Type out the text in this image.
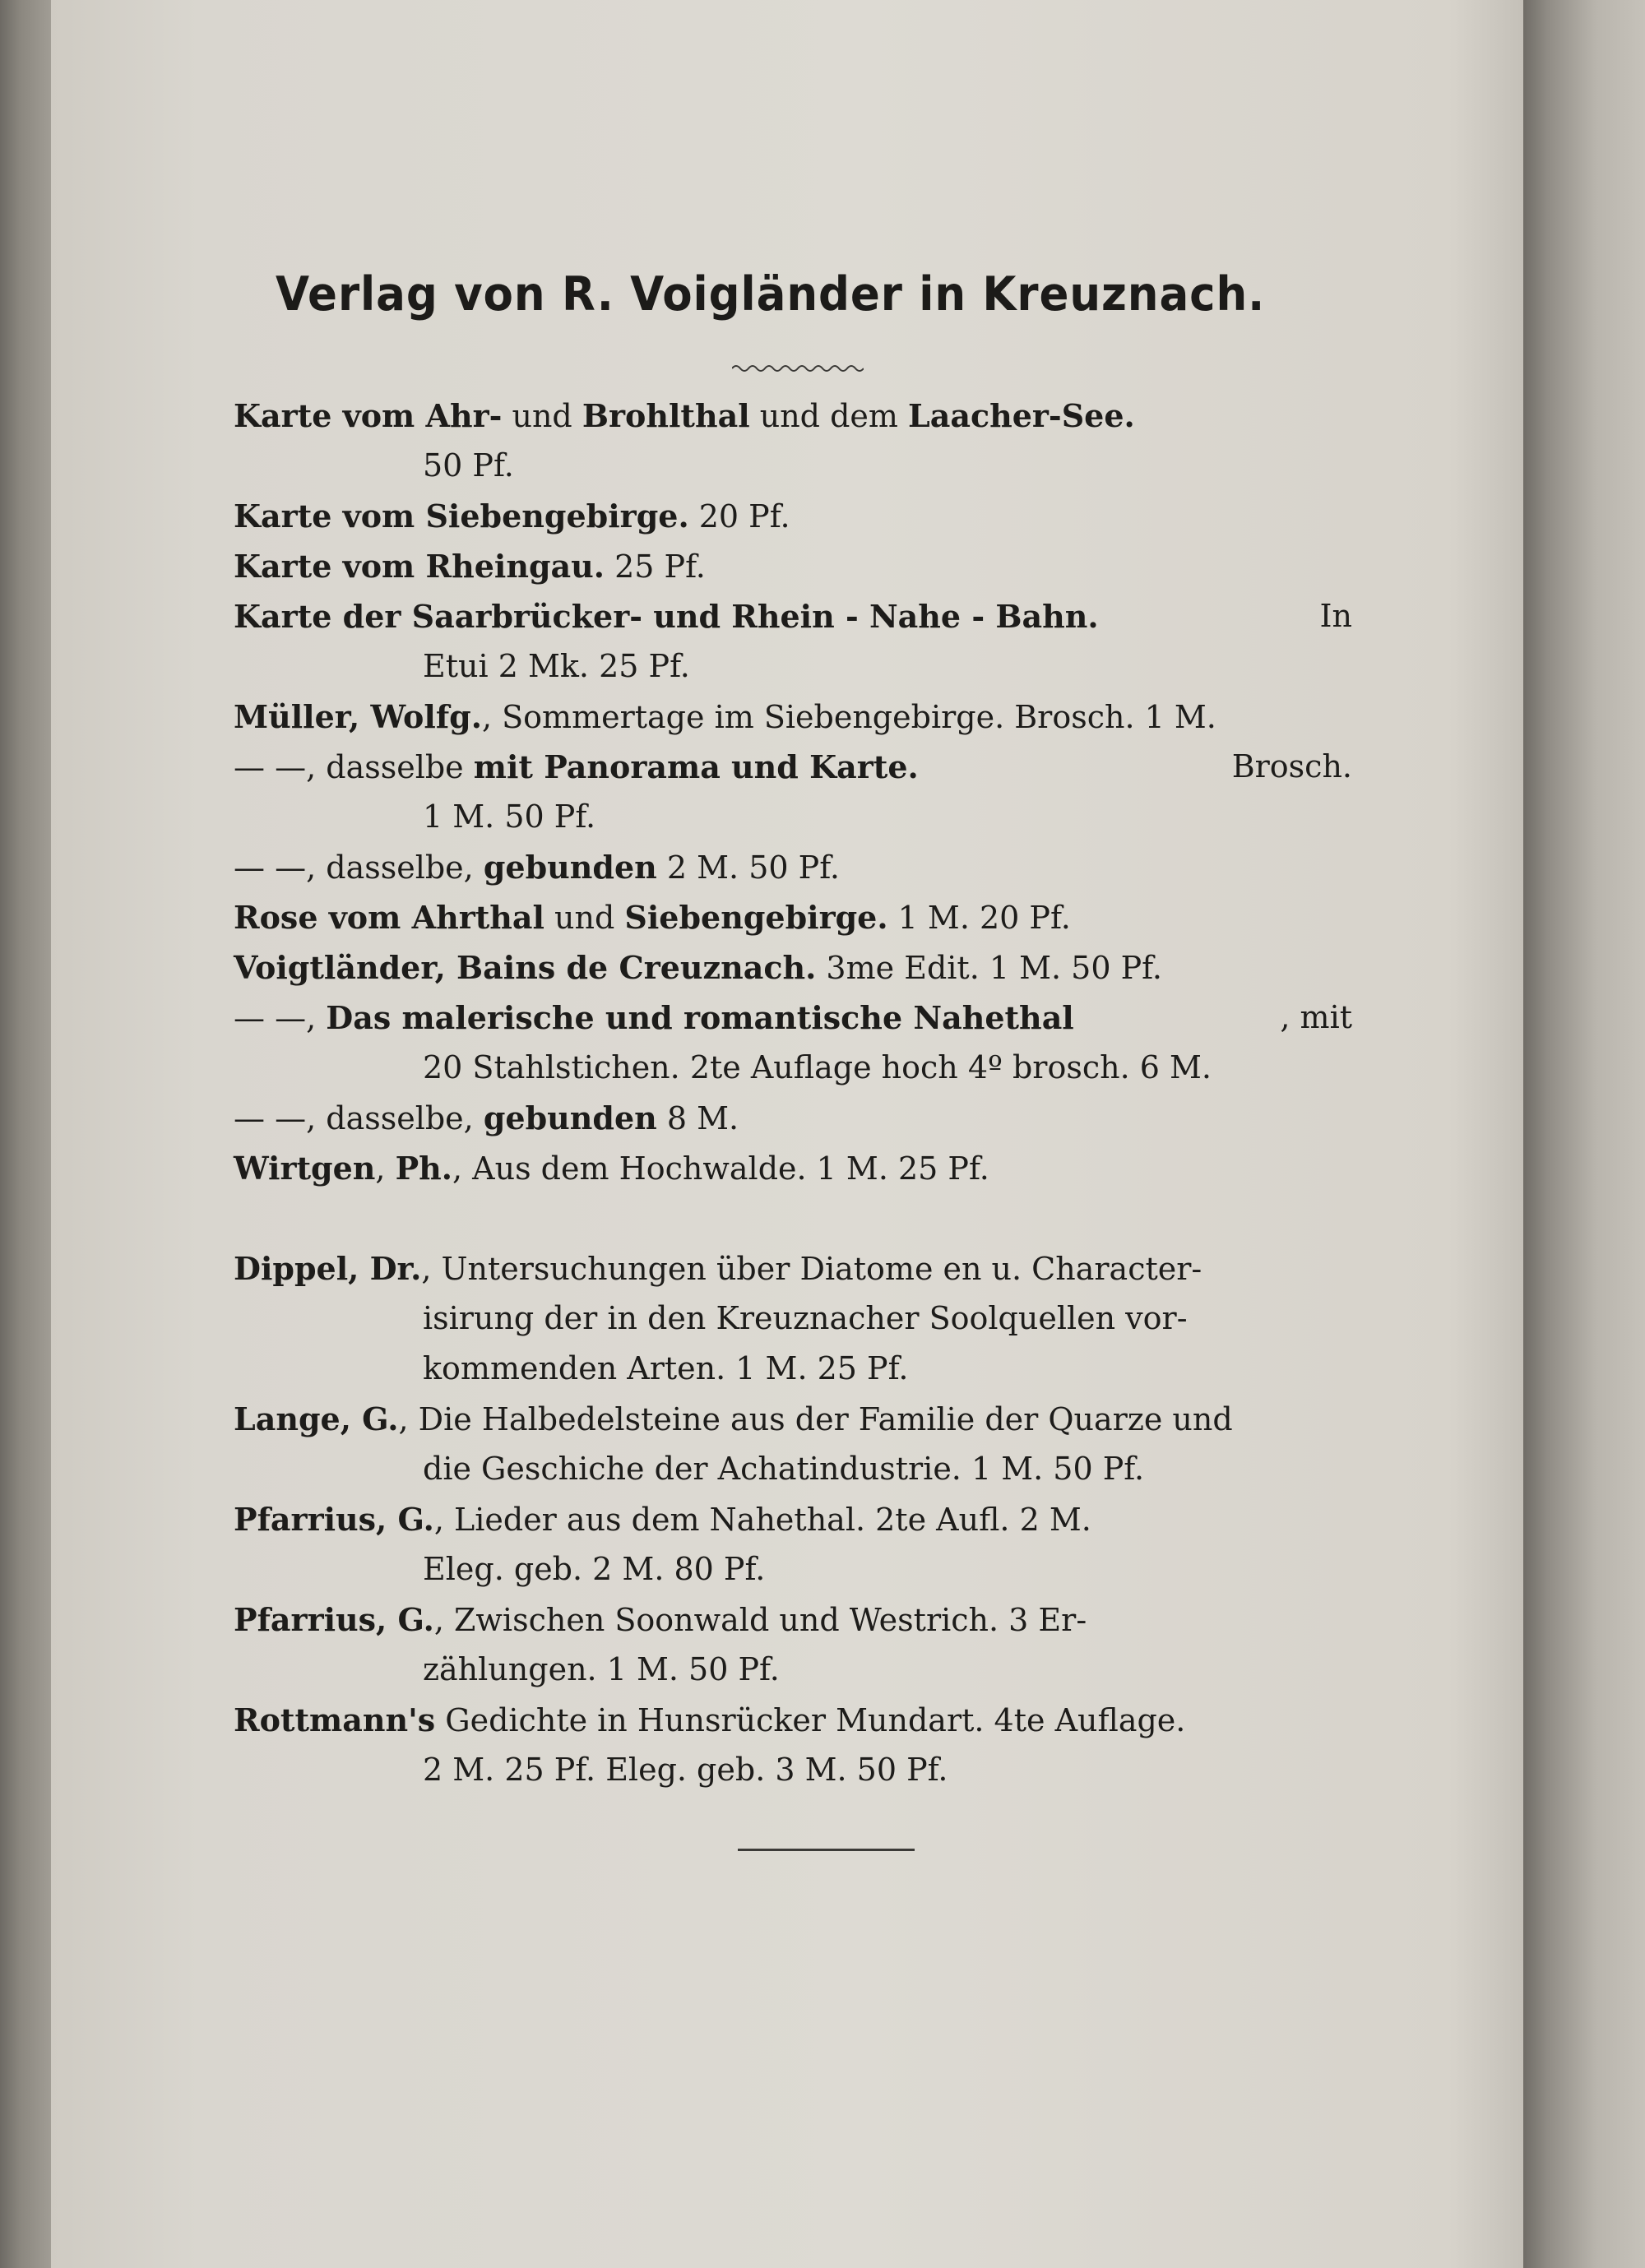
Verlag von R. Voigländer in Kreuznach.
Karte vom Ahr- und Brohlthal und dem Laacher-See.
50 Pf.
Karte vom Siebengebirge. 20 Pf.
Karte vom Rheingau. 25 Pf.
Karte der Saarbrücker- und Rhein - Nahe - Bahn.	In
Etui 2 Mk. 25 Pf.
Müller, Wolfg., Sommertage im Siebengebirge. Brosch. 1 M.
— —, dasselbe mit Panorama und Karte.	Brosch.
1 M. 50 Pf.
— —, dasselbe, gebunden 2 M. 50 Pf.
Rose vom Ahrthal und Siebengebirge. 1 M. 20 Pf.
Voigtländer, Bains de Creuznach. 3me Edit. 1 M. 50 Pf.
— —, Das malerische und romantische Nahethal	, mit
20 Stahlstichen. 2te Auflage hoch 4º brosch. 6 M.
— —, dasselbe, gebunden 8 M.
Wirtgen, Ph., Aus dem Hochwalde. 1 M. 25 Pf.
Dippel, Dr., Untersuchungen über Diatome en u. Character-
isirung der in den Kreuznacher Soolquellen vor-
kommenden Arten. 1 M. 25 Pf.
Lange, G., Die Halbedelsteine aus der Familie der Quarze und
die Geschiche der Achatindustrie. 1 M. 50 Pf.
Pfarrius, G., Lieder aus dem Nahethal. 2te Aufl. 2 M.
Eleg. geb. 2 M. 80 Pf.
Pfarrius, G., Zwischen Soonwald und Westrich. 3 Er-
zählungen. 1 M. 50 Pf.
Rottmann's Gedichte in Hunsrücker Mundart. 4te Auflage.
2 M. 25 Pf. Eleg. geb. 3 M. 50 Pf.
